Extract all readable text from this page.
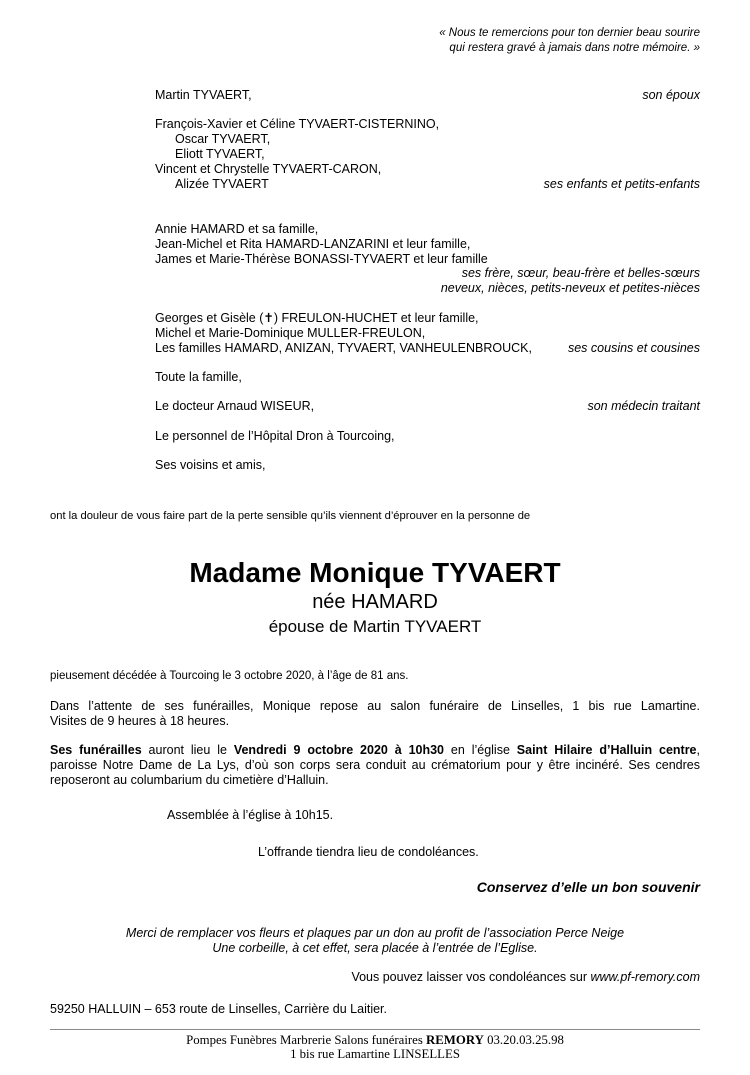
« Nous te remercions pour ton dernier beau sourire
qui restera gravé à jamais dans notre mémoire. »
Martin TYVAERT,	son époux
François-Xavier et Céline TYVAERT-CISTERNINO,
Oscar TYVAERT,
Eliott TYVAERT,
Vincent et Chrystelle TYVAERT-CARON,
Alizée TYVAERT	ses enfants et petits-enfants
Annie HAMARD et sa famille,
Jean-Michel et Rita HAMARD-LANZARINI et leur famille,
James et Marie-Thérèse BONASSI-TYVAERT et leur famille
ses frère, sœur, beau-frère et belles-sœurs
neveux, nièces, petits-neveux et petites-nièces
Georges et Gisèle (✝) FREULON-HUCHET et leur famille,
Michel et Marie-Dominique MULLER-FREULON,
Les familles HAMARD, ANIZAN, TYVAERT, VANHEULENBROUCK,	ses cousins et cousines
Toute la famille,
Le docteur Arnaud WISEUR,	son médecin traitant
Le personnel de l’Hôpital Dron à Tourcoing,
Ses voisins et amis,
ont la douleur de vous faire part de la perte sensible qu’ils viennent d’éprouver en la personne de
Madame Monique TYVAERT
née HAMARD
épouse de Martin TYVAERT
pieusement décédée à Tourcoing le 3 octobre 2020, à l’âge de 81 ans.
Dans l’attente de ses funérailles, Monique repose au salon funéraire de Linselles, 1 bis rue Lamartine.
Visites de 9 heures à 18 heures.
Ses funérailles auront lieu le Vendredi 9 octobre 2020 à 10h30 en l’église Saint Hilaire d’Halluin centre,
paroisse Notre Dame de La Lys, d’où son corps sera conduit au crématorium pour y être incinéré. Ses cendres
reposeront au columbarium du cimetière d’Halluin.
Assemblée à l’église à 10h15.
L’offrande tiendra lieu de condoléances.
Conservez d’elle un bon souvenir
Merci de remplacer vos fleurs et plaques par un don au profit de l’association Perce Neige
Une corbeille, à cet effet, sera placée à l’entrée de l’Eglise.
Vous pouvez laisser vos condoléances sur www.pf-remory.com
59250 HALLUIN – 653 route de Linselles, Carrière du Laitier.
Pompes Funèbres Marbrerie Salons funéraires REMORY 03.20.03.25.98
1 bis rue Lamartine LINSELLES
